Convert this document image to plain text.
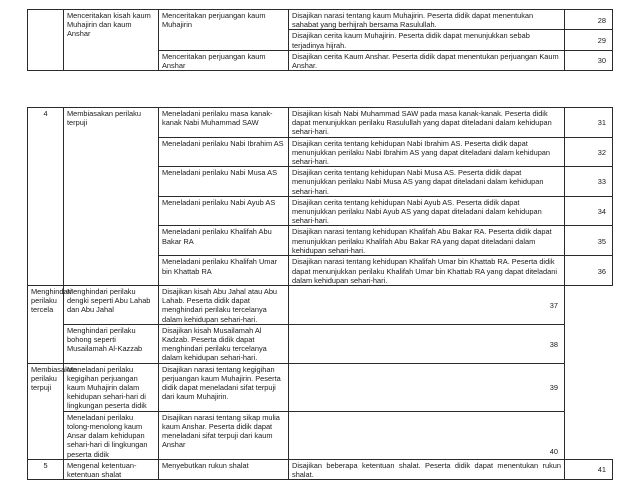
	Menceritakan kisah kaum Muhajirin dan kaum Anshar	Menceritakan perjuangan kaum Muhajirin	Disajikan narasi tentang kaum Muhajirin. Peserta didik dapat menentukan sahabat yang berhijrah bersama Rasulullah.	28
			Disajikan cerita kaum Muhajirin. Peserta didik dapat menunjukkan sebab terjadinya hijrah.	29
		Menceritakan perjuangan kaum Anshar	Disajikan cerita Kaum Anshar. Peserta didik dapat menentukan perjuangan Kaum Anshar.	30
4	Membiasakan perilaku terpuji	Meneladani perilaku masa kanak-kanak Nabi Muhammad SAW	Disajikan kisah Nabi Muhammad SAW pada masa kanak-kanak. Peserta didik dapat menunjukkan perilaku Rasulullah yang dapat diteladani dalam kehidupan sehari-hari.	31
		Meneladani perilaku Nabi Ibrahim AS	Disajikan cerita tentang kehidupan Nabi Ibrahim AS. Peserta didik dapat menunjukkan perilaku Nabi Ibrahim AS yang dapat diteladani dalam kehidupan sehari-hari.	32
		Meneladani perilaku Nabi Musa AS	Disajikan cerita tentang kehidupan Nabi Musa AS. Peserta didik dapat menunjukkan perilaku Nabi Musa AS yang dapat diteladani dalam kehidupan sehari-hari.	33
		Meneladani perilaku Nabi Ayub AS	Disajikan cerita tentang kehidupan Nabi Ayub AS. Peserta didik dapat menunjukkan perilaku Nabi Ayub AS yang dapat diteladani dalam kehidupan sehari-hari.	34
		Meneladani perilaku Khalifah Abu Bakar RA	Disajikan narasi tentang kehidupan Khalifah Abu Bakar RA. Peserta didik dapat menunjukkan perilaku Khalifah Abu Bakar RA yang dapat diteladani dalam kehidupan sehari-hari.	35
		Meneladani perilaku Khalifah Umar bin Khattab RA	Disajikan narasi tentang kehidupan Khalifah Umar bin Khattab RA. Peserta didik dapat menunjukkan perilaku Khalifah Umar bin Khattab RA yang dapat diteladani dalam kehidupan sehari-hari.	36
Menghindari perilaku tercela	Menghindari perilaku dengki seperti Abu Lahab dan Abu Jahal	Disajikan kisah Abu Jahal atau Abu Lahab. Peserta didik dapat menghindari perilaku tercelanya dalam kehidupan sehari-hari.	37	
	Menghindari perilaku bohong seperti Musailamah Al-Kazzab	Disajikan kisah Musailamah Al Kadzab. Peserta didik dapat menghindari perilaku tercelanya dalam kehidupan sehari-hari.	38	
Membiasakan perilaku terpuji	Meneladani perilaku kegigihan perjuangan kaum Muhajirin dalam kehidupan sehari-hari di lingkungan peserta didik	Disajikan narasi tentang kegigihan perjuangan kaum Muhajirin. Peserta didik dapat meneladani sifat terpuji dari kaum Muhajirin.	39	
	Meneladani perilaku tolong-menolong kaum Ansar dalam kehidupan sehari-hari di lingkungan peserta didik	Disajikan narasi tentang sikap mulia kaum Anshar. Peserta didik dapat meneladani sifat terpuji dari kaum Anshar	40	
5	Mengenal ketentuan-ketentuan shalat	Menyebutkan rukun shalat	Disajikan beberapa ketentuan shalat. Peserta didik dapat menentukan rukun shalat.	41
